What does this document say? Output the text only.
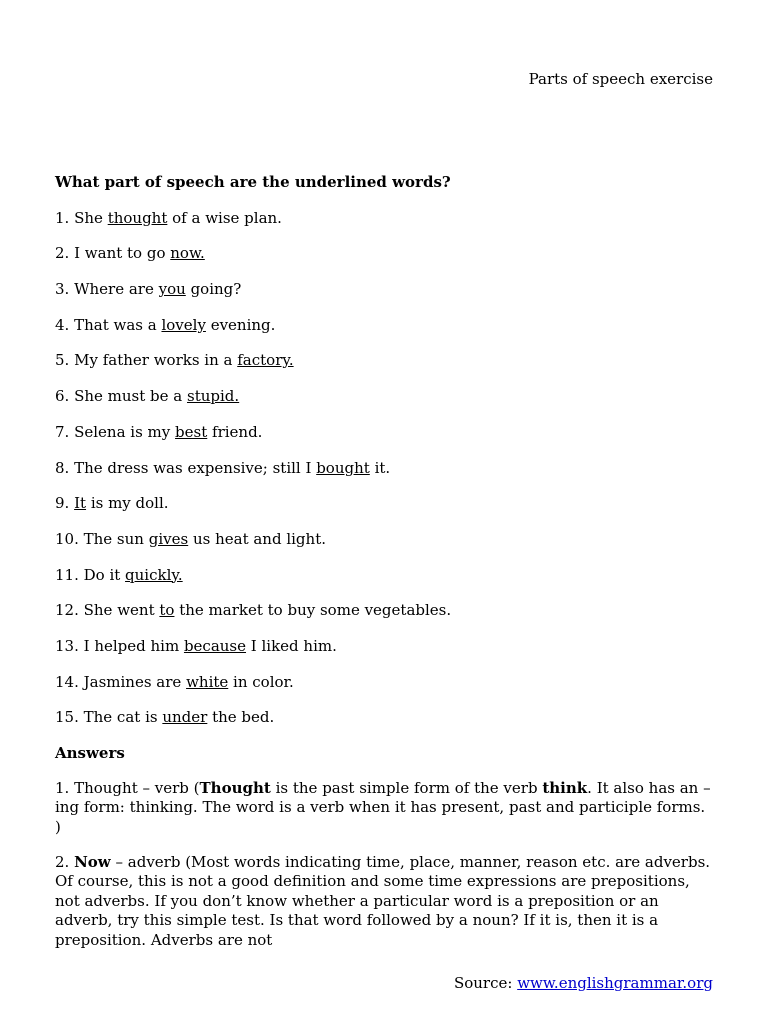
Parts of speech exercise

What part of speech are the underlined words?

1. She thought of a wise plan.
2. I want to go now.
3. Where are you going?
4. That was a lovely evening.
5. My father works in a factory.
6. She must be a stupid.
7. Selena is my best friend.
8. The dress was expensive; still I bought it.
9. It is my doll.
10. The sun gives us heat and light.
11. Do it quickly.
12. She went to the market to buy some vegetables.
13. I helped him because I liked him.
14. Jasmines are white in color.
15. The cat is under the bed.

Answers

1. Thought – verb (Thought is the past simple form of the verb think. It also has an –ing form: thinking. The word is a verb when it has present, past and participle forms. )

2. Now – adverb (Most words indicating time, place, manner, reason etc. are adverbs. Of course, this is not a good definition and some time expressions are prepositions, not adverbs. If you don’t know whether a particular word is a preposition or an adverb, try this simple test. Is that word followed by a noun? If it is, then it is a preposition. Adverbs are not

Source: www.englishgrammar.org
